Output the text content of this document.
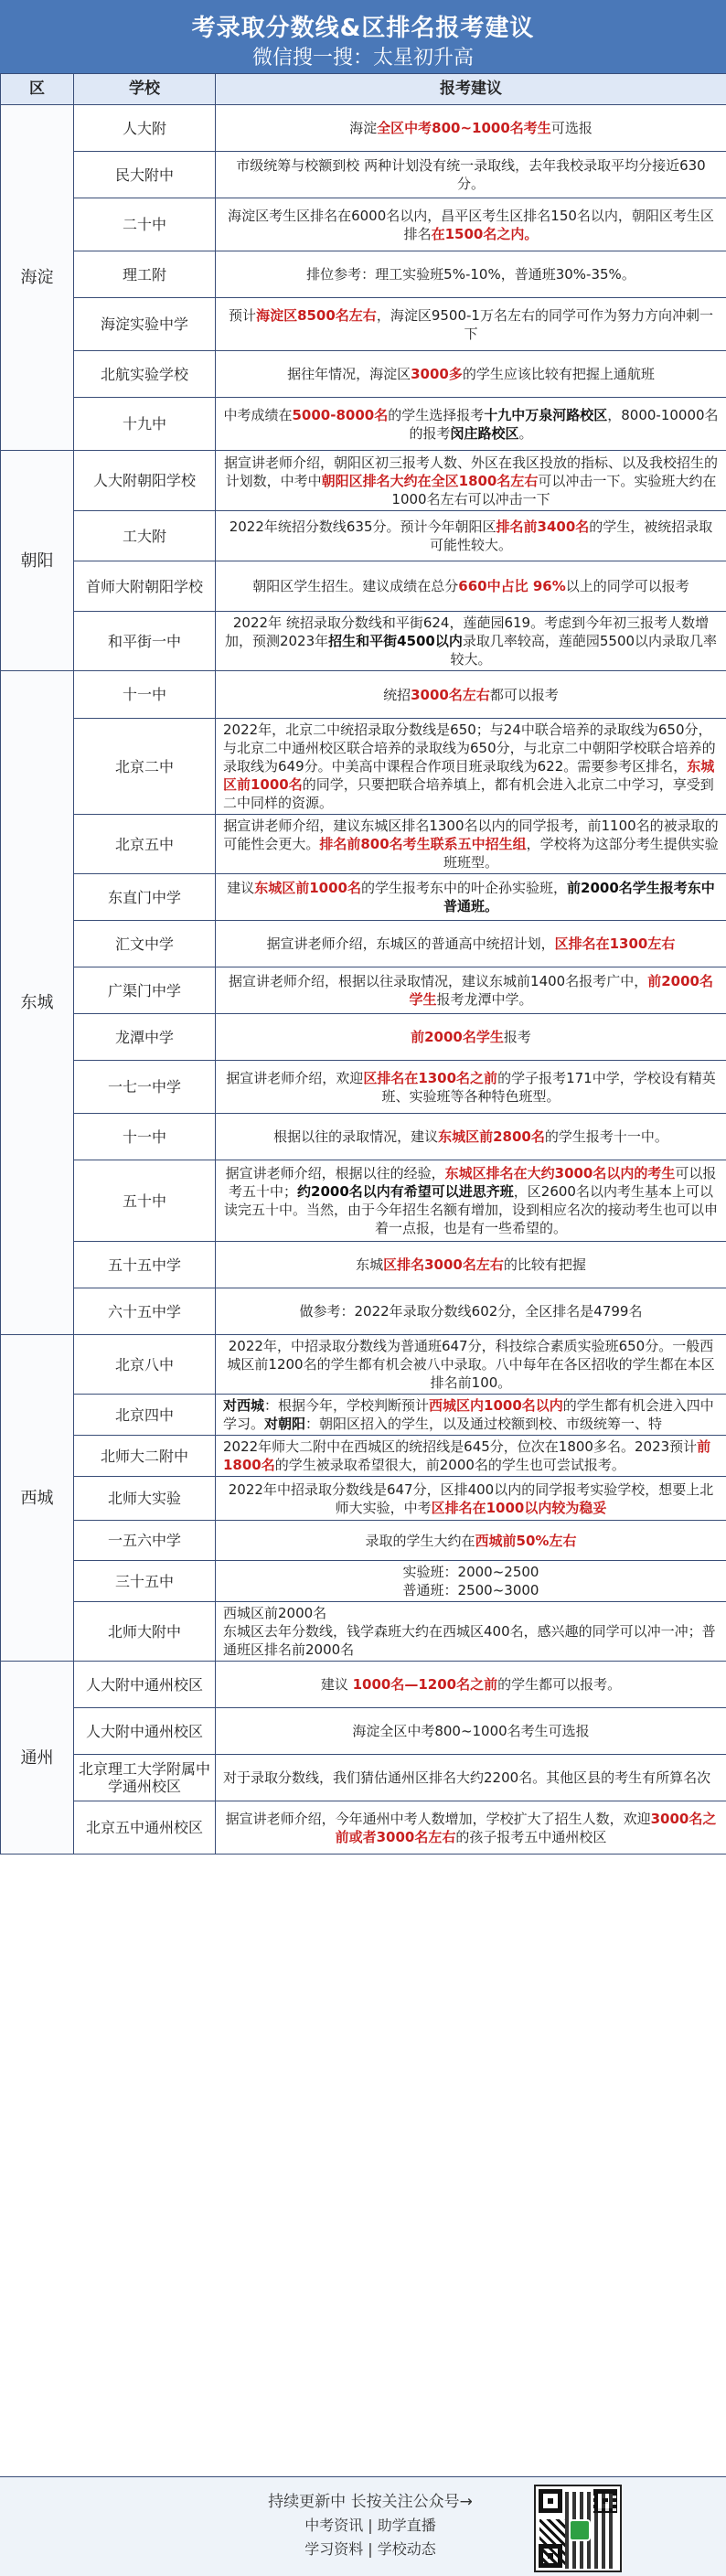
考录取分数线&区排名报考建议
微信搜一搜：太星初升高
区	学校	报考建议
海淀	人大附	海淀全区中考800~1000名考生可选报
	民大附中	市级统筹与校额到校 两种计划没有统一录取线，去年我校录取平均分接近630分。
	二十中	海淀区考生区排名在6000名以内，昌平区考生区排名150名以内，朝阳区考生区排名在1500名之内。
	理工附	排位参考：理工实验班5%-10%，普通班30%-35%。
	海淀实验中学	预计海淀区8500名左右，海淀区9500-1万名左右的同学可作为努力方向冲刺一下
	北航实验学校	据往年情况，海淀区3000多的学生应该比较有把握上通航班
	十九中	中考成绩在5000-8000名的学生选择报考十九中万泉河路校区，8000-10000名的报考闵庄路校区。
朝阳	人大附朝阳学校	据宣讲老师介绍，朝阳区初三报考人数、外区在我区投放的指标、以及我校招生的计划数，中考中朝阳区排名大约在全区1800名左右可以冲击一下。实验班大约在1000名左右可以冲击一下
	工大附	2022年统招分数线635分。预计今年朝阳区排名前3400名的学生，被统招录取可能性较大。
	首师大附朝阳学校	朝阳区学生招生。建议成绩在总分660中占比 96%以上的同学可以报考
	和平街一中	2022年 统招录取分数线和平街624，莲葩园619。考虑到今年初三报考人数增加，预测2023年招生和平街4500以内录取几率较高，莲葩园5500以内录取几率较大。
东城	十一中	统招3000名左右都可以报考
	北京二中	2022年，北京二中统招录取分数线是650；与24中联合培养的录取线为650分，与北京二中通州校区联合培养的录取线为650分，与北京二中朝阳学校联合培养的录取线为649分。中美高中课程合作项目班录取线为622。需要参考区排名，东城区前1000名的同学，只要把联合培养填上，都有机会进入北京二中学习，享受到二中同样的资源。
	北京五中	据宣讲老师介绍，建议东城区排名1300名以内的同学报考，前1100名的被录取的可能性会更大。排名前800名考生联系五中招生组，学校将为这部分考生提供实验班班型。
	东直门中学	建议东城区前1000名的学生报考东中的叶企孙实验班，前2000名学生报考东中普通班。
	汇文中学	据宣讲老师介绍，东城区的普通高中统招计划，区排名在1300左右
	广渠门中学	据宣讲老师介绍，根据以往录取情况，建议东城前1400名报考广中，前2000名学生报考龙潭中学。
	龙潭中学	前2000名学生报考
	一七一中学	据宣讲老师介绍，欢迎区排名在1300名之前的学子报考171中学，学校设有精英班、实验班等各种特色班型。
	十一中	根据以往的录取情况，建议东城区前2800名的学生报考十一中。
	五十中	据宣讲老师介绍，根据以往的经验，东城区排名在大约3000名以内的考生可以报考五十中；约2000名以内有希望可以进思齐班，区2600名以内考生基本上可以读完五十中。当然，由于今年招生名额有增加，设到相应名次的接动考生也可以申着一点报，也是有一些希望的。
	五十五中学	东城区排名3000名左右的比较有把握
	六十五中学	做参考：2022年录取分数线602分，全区排名是4799名
西城	北京八中	2022年，中招录取分数线为普通班647分，科技综合素质实验班650分。一般西城区前1200名的学生都有机会被八中录取。八中每年在各区招收的学生都在本区排名前100。
	北京四中	对西城：根据今年，学校判断预计西城区内1000名以内的学生都有机会进入四中学习。对朝阳：朝阳区招入的学生，以及通过校额到校、市级统筹一、特
	北师大二附中	2022年师大二附中在西城区的统招线是645分，位次在1800多名。2023预计前1800名的学生被录取希望很大，前2000名的学生也可尝试报考。
	北师大实验	2022年中招录取分数线是647分，区排400以内的同学报考实验学校，想要上北师大实验，中考区排名在1000以内较为稳妥
	一五六中学	录取的学生大约在西城前50%左右
	三十五中	实验班：2000~2500
普通班：2500~3000
	北师大附中	西城区前2000名
东城区去年分数线，钱学森班大约在西城区400名，感兴趣的同学可以冲一冲；普通班区排名前2000名
通州	人大附中通州校区	建议 1000名—1200名之前的学生都可以报考。
	人大附中通州校区	海淀全区中考800~1000名考生可选报
	北京理工大学附属中学通州校区	对于录取分数线，我们猜估通州区排名大约2200名。其他区县的考生有所算名次
	北京五中通州校区	据宣讲老师介绍，今年通州中考人数增加，学校扩大了招生人数，欢迎3000名之前或者3000名左右的孩子报考五中通州校区
持续更新中 长按关注公众号→
中考资讯 | 助学直播
学习资料 | 学校动态
